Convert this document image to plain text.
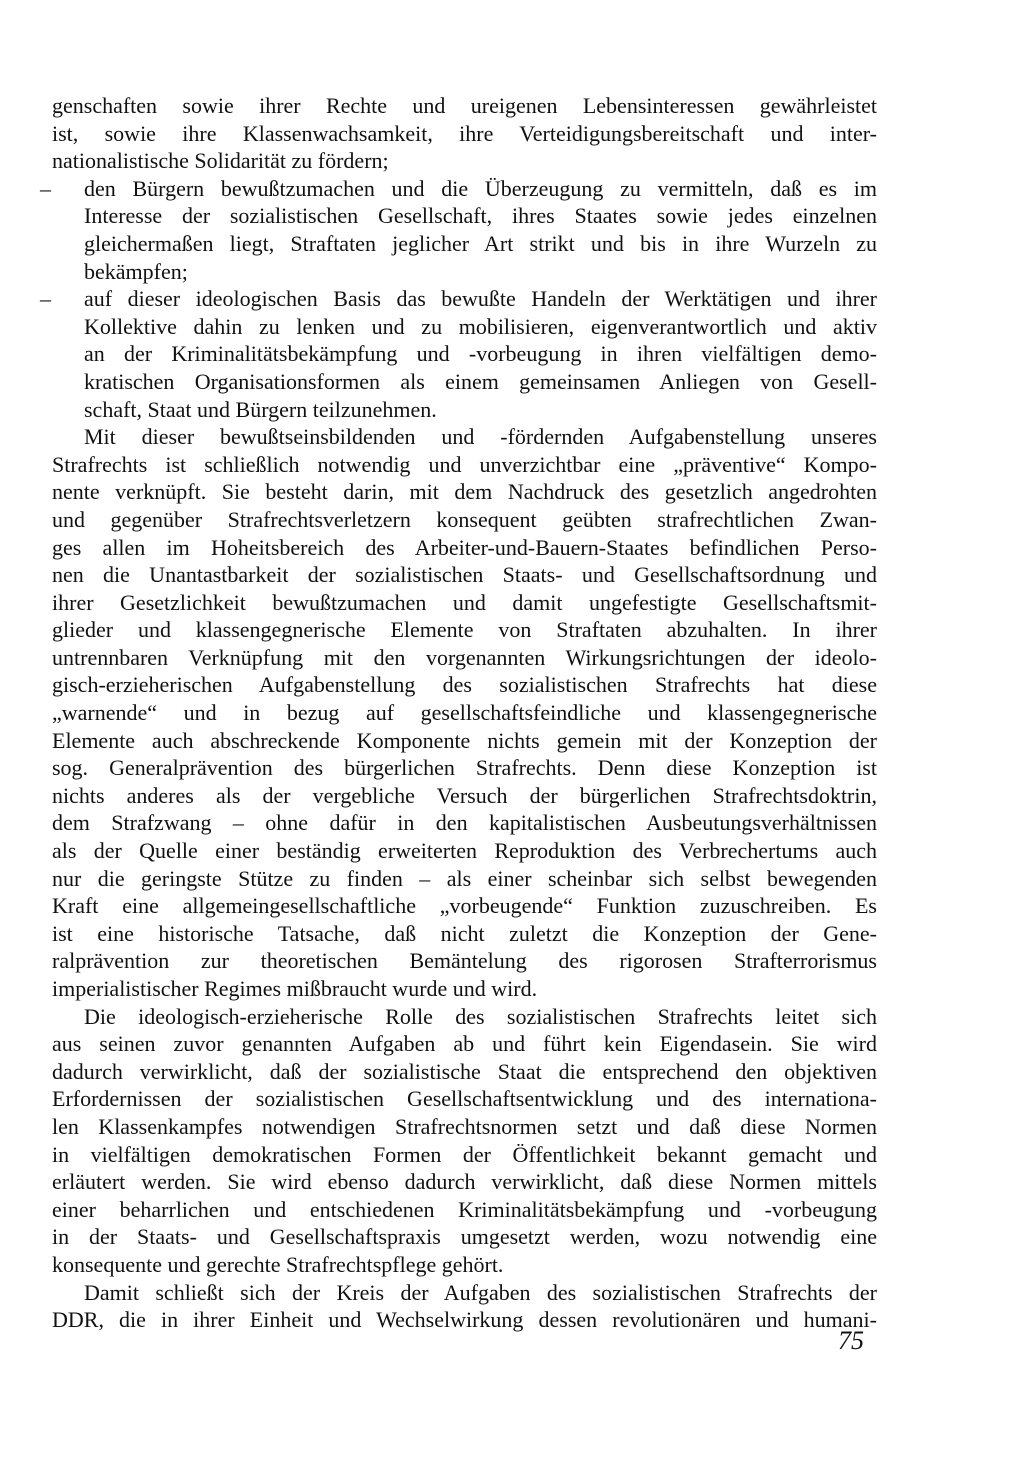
genschaften sowie ihrer Rechte und ureigenen Lebensinteressen gewährleistet
ist, sowie ihre Klassenwachsamkeit, ihre Verteidigungsbereitschaft und inter-
nationalistische Solidarität zu fördern;
– den Bürgern bewußtzumachen und die Überzeugung zu vermitteln, daß es im
Interesse der sozialistischen Gesellschaft, ihres Staates sowie jedes einzelnen
gleichermaßen liegt, Straftaten jeglicher Art strikt und bis in ihre Wurzeln zu
bekämpfen;
– auf dieser ideologischen Basis das bewußte Handeln der Werktätigen und ihrer
Kollektive dahin zu lenken und zu mobilisieren, eigenverantwortlich und aktiv
an der Kriminalitätsbekämpfung und -vorbeugung in ihren vielfältigen demo-
kratischen Organisationsformen als einem gemeinsamen Anliegen von Gesell-
schaft, Staat und Bürgern teilzunehmen.
Mit dieser bewußtseinsbildenden und -fördernden Aufgabenstellung unseres
Strafrechts ist schließlich notwendig und unverzichtbar eine „präventive“ Kompo-
nente verknüpft. Sie besteht darin, mit dem Nachdruck des gesetzlich angedrohten
und gegenüber Strafrechtsverletzern konsequent geübten strafrechtlichen Zwan-
ges allen im Hoheitsbereich des Arbeiter-und-Bauern-Staates befindlichen Perso-
nen die Unantastbarkeit der sozialistischen Staats- und Gesellschaftsordnung und
ihrer Gesetzlichkeit bewußtzumachen und damit ungefestigte Gesellschaftsmit-
glieder und klassengegnerische Elemente von Straftaten abzuhalten. In ihrer
untrennbaren Verknüpfung mit den vorgenannten Wirkungsrichtungen der ideolo-
gisch-erzieherischen Aufgabenstellung des sozialistischen Strafrechts hat diese
„warnende“ und in bezug auf gesellschaftsfeindliche und klassengegnerische
Elemente auch abschreckende Komponente nichts gemein mit der Konzeption der
sog. Generalprävention des bürgerlichen Strafrechts. Denn diese Konzeption ist
nichts anderes als der vergebliche Versuch der bürgerlichen Strafrechtsdoktrin,
dem Strafzwang – ohne dafür in den kapitalistischen Ausbeutungsverhältnissen
als der Quelle einer beständig erweiterten Reproduktion des Verbrechertums auch
nur die geringste Stütze zu finden – als einer scheinbar sich selbst bewegenden
Kraft eine allgemeingesellschaftliche „vorbeugende“ Funktion zuzuschreiben. Es
ist eine historische Tatsache, daß nicht zuletzt die Konzeption der Gene-
ralprävention zur theoretischen Bemäntelung des rigorosen Strafterrorismus
imperialistischer Regimes mißbraucht wurde und wird.
Die ideologisch-erzieherische Rolle des sozialistischen Strafrechts leitet sich
aus seinen zuvor genannten Aufgaben ab und führt kein Eigendasein. Sie wird
dadurch verwirklicht, daß der sozialistische Staat die entsprechend den objektiven
Erfordernissen der sozialistischen Gesellschaftsentwicklung und des internationa-
len Klassenkampfes notwendigen Strafrechtsnormen setzt und daß diese Normen
in vielfältigen demokratischen Formen der Öffentlichkeit bekannt gemacht und
erläutert werden. Sie wird ebenso dadurch verwirklicht, daß diese Normen mittels
einer beharrlichen und entschiedenen Kriminalitätsbekämpfung und -vorbeugung
in der Staats- und Gesellschaftspraxis umgesetzt werden, wozu notwendig eine
konsequente und gerechte Strafrechtspflege gehört.
Damit schließt sich der Kreis der Aufgaben des sozialistischen Strafrechts der
DDR, die in ihrer Einheit und Wechselwirkung dessen revolutionären und humani-
75
